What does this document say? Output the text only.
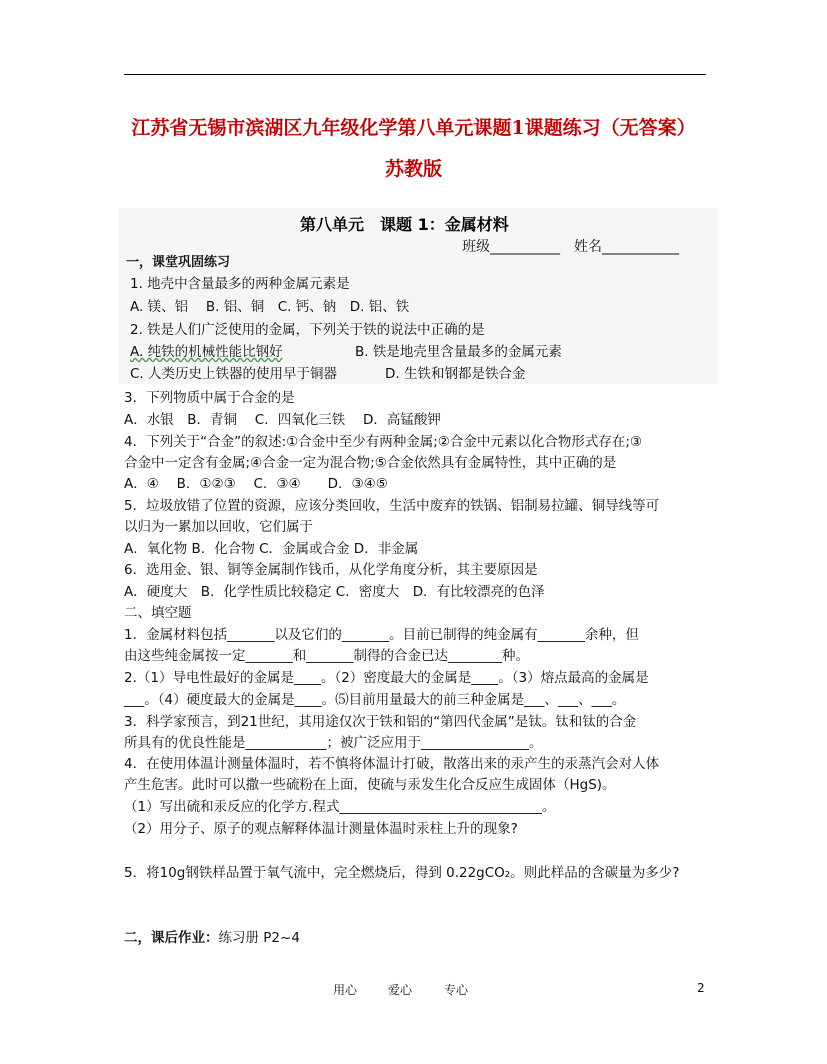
江苏省无锡市滨湖区九年级化学第八单元课题1课题练习（无答案）
苏教版
第八单元　课题 1：金属材料
班级__________　姓名___________
一，课堂巩固练习
1. 地壳中含量最多的两种金属元素是
A. 镁、铝　 B. 铝、铜　C. 钙、钠　D. 铝、铁
2. 铁是人们广泛使用的金属，下列关于铁的说法中正确的是
A. 纯铁的机械性能比钢好	B. 铁是地壳里含量最多的金属元素
C. 人类历史上铁器的使用早于铜器	D. 生铁和钢都是铁合金
3．下列物质中属于合金的是
A．水银　B．青铜　 C．四氧化三铁　 D．高锰酸钾
4．下列关于“合金”的叙述:①合金中至少有两种金属;②合金中元素以化合物形式存在;③
合金中一定含有金属;④合金一定为混合物;⑤合金依然具有金属特性，其中正确的是
A．④　 B．①②③　 C．③④　　D．③④⑤
5．垃圾放错了位置的资源，应该分类回收，生活中废弃的铁锅、铝制易拉罐、铜导线等可
以归为一累加以回收，它们属于
A．氧化物 B．化合物 C．金属或合金 D．非金属
6．选用金、银、铜等金属制作钱币，从化学角度分析，其主要原因是
A．硬度大　B．化学性质比较稳定 C．密度大　D．有比较漂亮的色泽
二、填空题
1．金属材料包括_______以及它们的_______。目前已制得的纯金属有_______余种，但
由这些纯金属按一定_______和_______制得的合金已达________种。
2.（1）导电性最好的金属是____。（2）密度最大的金属是____。（3）熔点最高的金属是
___。（4）硬度最大的金属是____。⑸目前用量最大的前三种金属是___、___、___。
3．科学家预言，到21世纪，其用途仅次于铁和铝的“第四代金属”是钛。钛和钛的合金
所具有的优良性能是____________；被广泛应用于________________。
4．在使用体温计测量体温时，若不慎将体温计打破，散落出来的汞产生的汞蒸汽会对人体
产生危害。此时可以撒一些硫粉在上面，使硫与汞发生化合反应生成固体（HgS)。
（1）写出硫和汞反应的化学方.程式______________________________。
（2）用分子、原子的观点解释体温计测量体温时汞柱上升的现象?
5．将10g钢铁样品置于氧气流中，完全燃烧后，得到 0.22gCO₂。则此样品的含碳量为多少?
二，课后作业：练习册 P2~4
用心	爱心	专心	2
